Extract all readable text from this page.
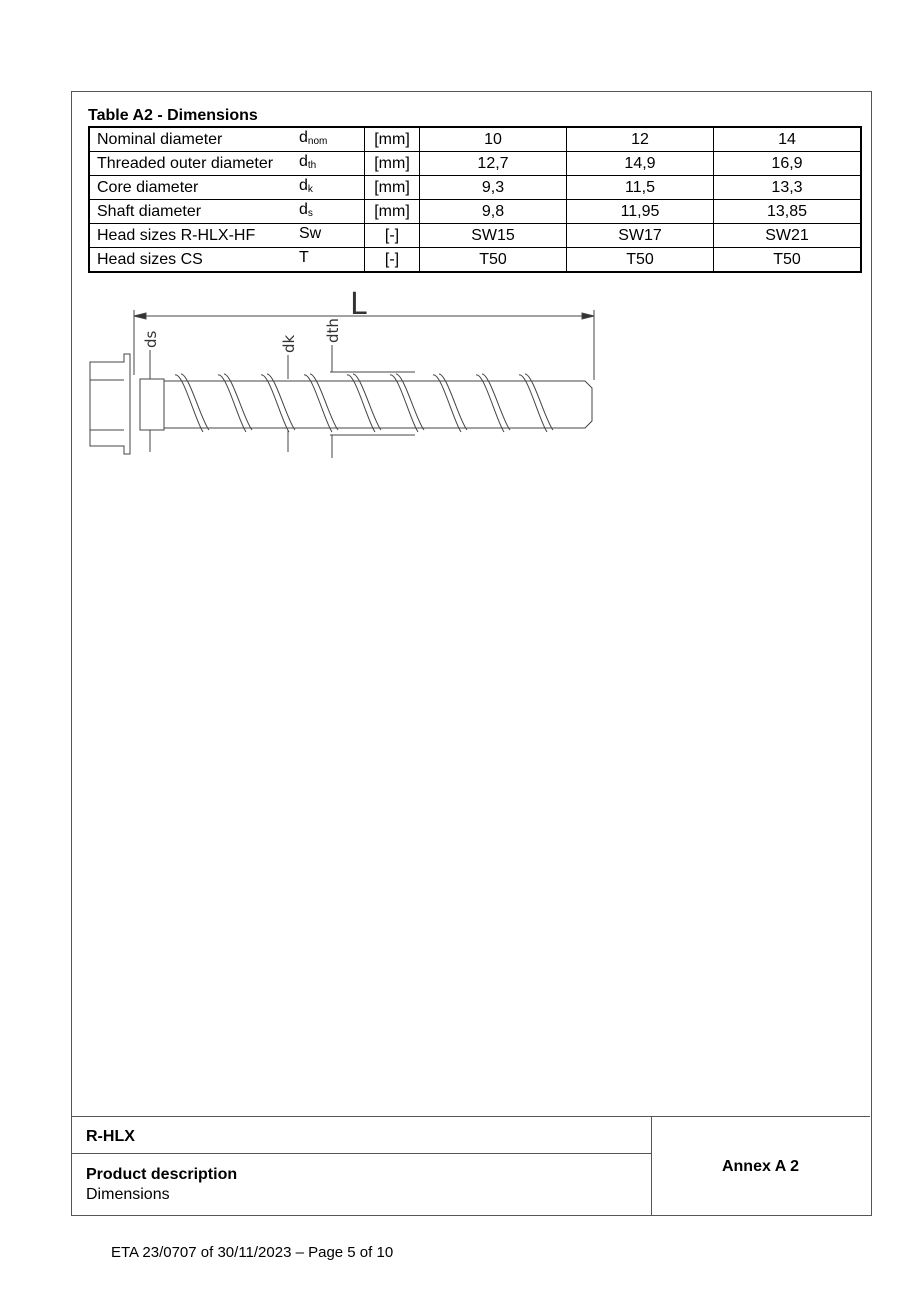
Table A2 - Dimensions
Nominal diameter	$d_{nom}$	[mm]	10	12	14
Threaded outer diameter	$d_{th}$	[mm]	12,7	14,9	16,9
Core diameter	$d_k$	[mm]	9,3	11,5	13,3
Shaft diameter	$d_s$	[mm]	9,8	11,95	13,85
Head sizes R-HLX-HF	Sw	[-]	SW15	SW17	SW21
Head sizes CS	T	[-]	T50	T50	T50
L
ds	dk
dth
R-HLX
Product description
Dimensions
Annex A 2
ETA 23/0707 of 30/11/2023 – Page 5 of 10
